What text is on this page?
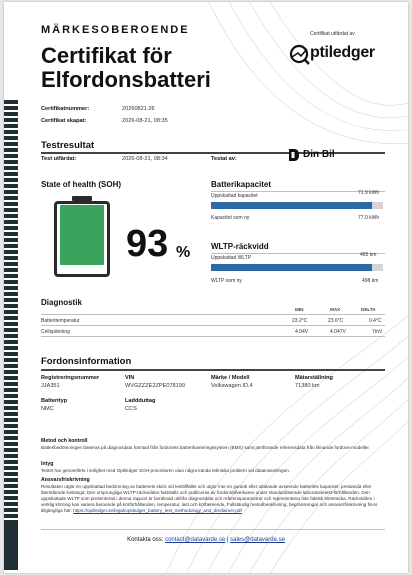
MÄRKESOBEROENDE
Certifikat för
Elfordonsbatteri
Certifikat utfärdat av
ptiledger
Certifikatnummer:	20260821.26
Certifikat skapat:	2026-08-21, 08:35
Testresultat
Test utfärdat:	2026-08-21, 08:34	Testat av:	Din Bil
State of health (SOH)
93 %
Batterikapacitet
Uppskattad kapacitet	71.9 kWh
Kapacitet som ny	77.0 kWh
WLTP-räckvidd
Uppskattad WLTP	465 km
WLTP som ny	498 km
Diagnostik
MIN	MAX	DELTA
Batteritemperatur	23.2°C	23.6°C	0.4°C
Cellspänning	4.04V	4.047V	7mV
Fordonsinformation
Registreringsnummer
JJA351
VIN
WVGZZZE2ZPE078199
Märke / Modell
Volkswagen ID.4
Mätarställning
71380 km
Batterityp
NMC
Laddduttag
CCS
Metod och kontroll
Batteribedömningen baseras på diagnosdata hämtad från fordonets batterihanteringssystem (BMS) samt jämförande referensdata från liknande fordons-modeller.
Intyg
Testet har genomförts i enlighet med Optiledger SOH-proceduren utan några kända tekniska problem vid datainsamlingen.
Ansvarsfriskrivning
Resultaten utgör en uppskattad bedömning av batteriets skick vid testtillfället och utgör inte en garanti eller uttalande avseende batteriets kapacitet, prestanda eller återstående livslängd. Den ursprungliga WLTP-räckvidden fastställs och publiceras av fordonstillverkaren under standardiserade laboratorietest-förhållanden. Den uppskattade WLTP som presenteras i denna rapport är beräknad utifrån diagnosdata och referensparametrar och representerar inte faktisk körsträcka. Räckvidden i verklig körning kan variera beroende på körförhållanden, temperatur, last och körbeteende. Fullständig metodbeskrivning, begränsningar och ansvarsfriskrivning finns tillgängliga här: https://optiledger.se/legal/optiledger_battery_test_methodology_and_disclaimer.pdf
Kontakta oss: contact@datavarde.se | sales@datavarde.se
